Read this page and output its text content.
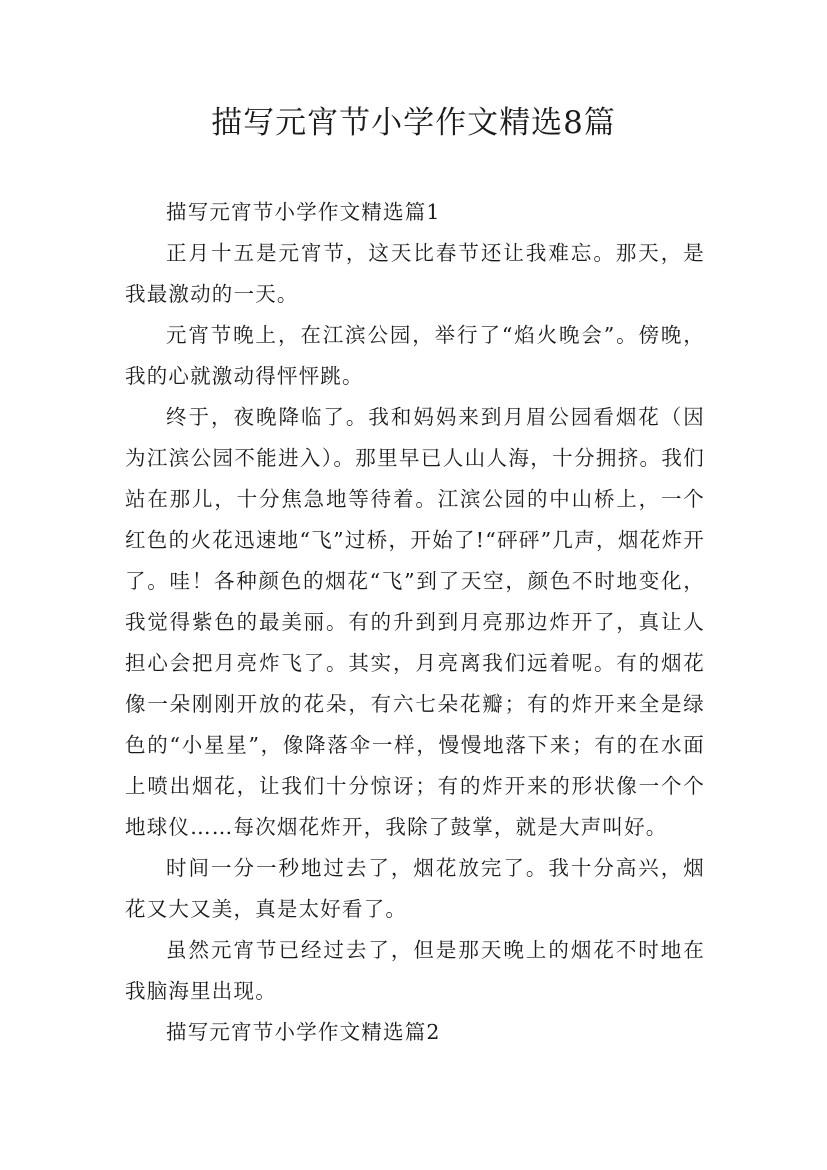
描写元宵节小学作文精选8篇

描写元宵节小学作文精选篇1

正月十五是元宵节，这天比春节还让我难忘。那天，是我最激动的一天。

元宵节晚上，在江滨公园，举行了“焰火晚会”。傍晚，我的心就激动得怦怦跳。

终于，夜晚降临了。我和妈妈来到月眉公园看烟花（因为江滨公园不能进入）。那里早已人山人海，十分拥挤。我们站在那儿，十分焦急地等待着。江滨公园的中山桥上，一个红色的火花迅速地“飞”过桥，开始了!“砰砰”几声，烟花炸开了。哇！各种颜色的烟花“飞”到了天空，颜色不时地变化，我觉得紫色的最美丽。有的升到到月亮那边炸开了，真让人担心会把月亮炸飞了。其实，月亮离我们远着呢。有的烟花像一朵刚刚开放的花朵，有六七朵花瓣；有的炸开来全是绿色的“小星星”，像降落伞一样，慢慢地落下来；有的在水面上喷出烟花，让我们十分惊讶；有的炸开来的形状像一个个地球仪……每次烟花炸开，我除了鼓掌，就是大声叫好。

时间一分一秒地过去了，烟花放完了。我十分高兴，烟花又大又美，真是太好看了。

虽然元宵节已经过去了，但是那天晚上的烟花不时地在我脑海里出现。

描写元宵节小学作文精选篇2
